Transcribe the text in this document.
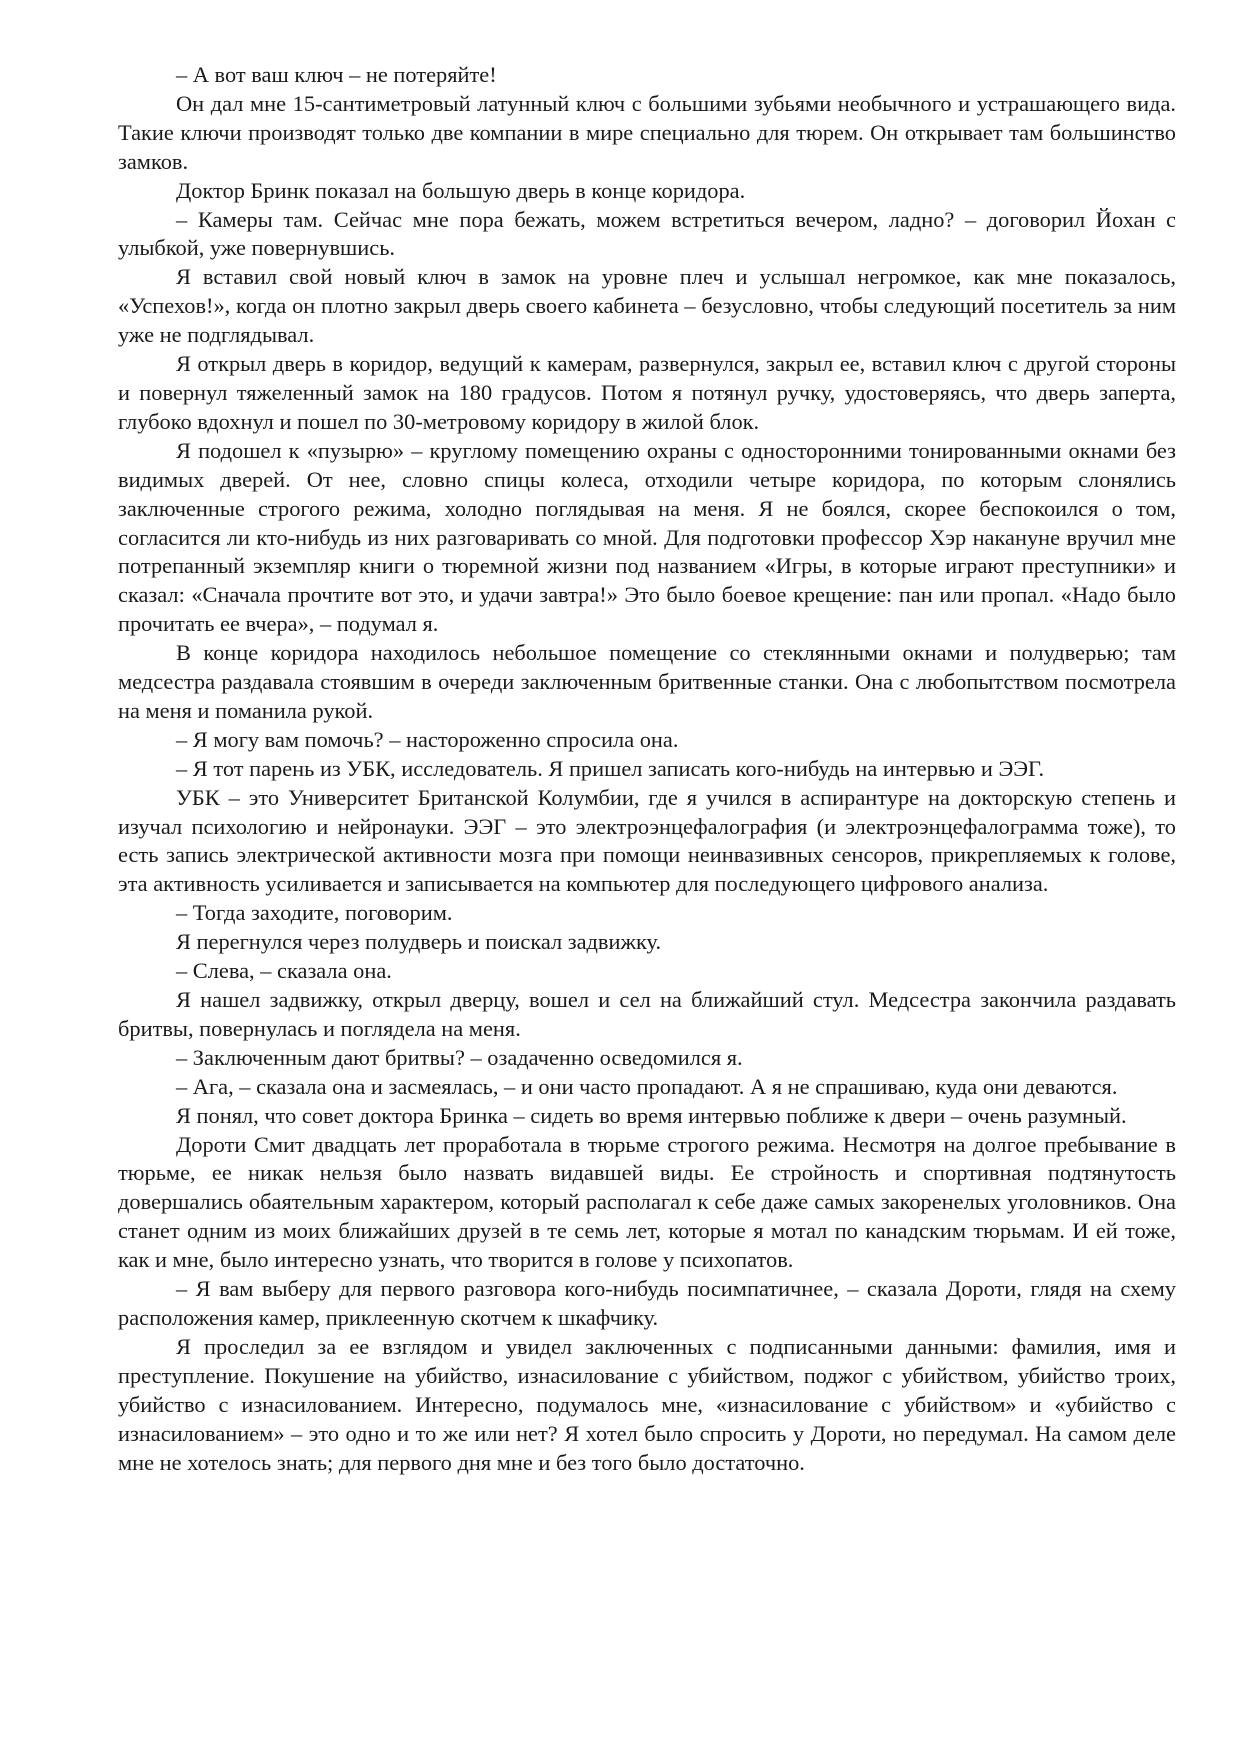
– А вот ваш ключ – не потеряйте!

Он дал мне 15-сантиметровый латунный ключ с большими зубьями необычного и устрашающего вида. Такие ключи производят только две компании в мире специально для тюрем. Он открывает там большинство замков.

Доктор Бринк показал на большую дверь в конце коридора.

– Камеры там. Сейчас мне пора бежать, можем встретиться вечером, ладно? – договорил Йохан с улыбкой, уже повернувшись.

Я вставил свой новый ключ в замок на уровне плеч и услышал негромкое, как мне показалось, «Успехов!», когда он плотно закрыл дверь своего кабинета – безусловно, чтобы следующий посетитель за ним уже не подглядывал.

Я открыл дверь в коридор, ведущий к камерам, развернулся, закрыл ее, вставил ключ с другой стороны и повернул тяжеленный замок на 180 градусов. Потом я потянул ручку, удостоверяясь, что дверь заперта, глубоко вдохнул и пошел по 30-метровому коридору в жилой блок.

Я подошел к «пузырю» – круглому помещению охраны с односторонними тонированными окнами без видимых дверей. От нее, словно спицы колеса, отходили четыре коридора, по которым слонялись заключенные строгого режима, холодно поглядывая на меня. Я не боялся, скорее беспокоился о том, согласится ли кто-нибудь из них разговаривать со мной. Для подготовки профессор Хэр накануне вручил мне потрепанный экземпляр книги о тюремной жизни под названием «Игры, в которые играют преступники» и сказал: «Сначала прочтите вот это, и удачи завтра!» Это было боевое крещение: пан или пропал. «Надо было прочитать ее вчера», – подумал я.

В конце коридора находилось небольшое помещение со стеклянными окнами и полудверью; там медсестра раздавала стоявшим в очереди заключенным бритвенные станки. Она с любопытством посмотрела на меня и поманила рукой.

– Я могу вам помочь? – настороженно спросила она.

– Я тот парень из УБК, исследователь. Я пришел записать кого-нибудь на интервью и ЭЭГ.

УБК – это Университет Британской Колумбии, где я учился в аспирантуре на докторскую степень и изучал психологию и нейронауки. ЭЭГ – это электроэнцефалография (и электроэнцефалограмма тоже), то есть запись электрической активности мозга при помощи неинвазивных сенсоров, прикрепляемых к голове, эта активность усиливается и записывается на компьютер для последующего цифрового анализа.

– Тогда заходите, поговорим.

Я перегнулся через полудверь и поискал задвижку.

– Слева, – сказала она.

Я нашел задвижку, открыл дверцу, вошел и сел на ближайший стул. Медсестра закончила раздавать бритвы, повернулась и поглядела на меня.

– Заключенным дают бритвы? – озадаченно осведомился я.

– Ага, – сказала она и засмеялась, – и они часто пропадают. А я не спрашиваю, куда они деваются.

Я понял, что совет доктора Бринка – сидеть во время интервью поближе к двери – очень разумный.

Дороти Смит двадцать лет проработала в тюрьме строгого режима. Несмотря на долгое пребывание в тюрьме, ее никак нельзя было назвать видавшей виды. Ее стройность и спортивная подтянутость довершались обаятельным характером, который располагал к себе даже самых закоренелых уголовников. Она станет одним из моих ближайших друзей в те семь лет, которые я мотал по канадским тюрьмам. И ей тоже, как и мне, было интересно узнать, что творится в голове у психопатов.

– Я вам выберу для первого разговора кого-нибудь посимпатичнее, – сказала Дороти, глядя на схему расположения камер, приклеенную скотчем к шкафчику.

Я проследил за ее взглядом и увидел заключенных с подписанными данными: фамилия, имя и преступление. Покушение на убийство, изнасилование с убийством, поджог с убийством, убийство троих, убийство с изнасилованием. Интересно, подумалось мне, «изнасилование с убийством» и «убийство с изнасилованием» – это одно и то же или нет? Я хотел было спросить у Дороти, но передумал. На самом деле мне не хотелось знать; для первого дня мне и без того было достаточно.
